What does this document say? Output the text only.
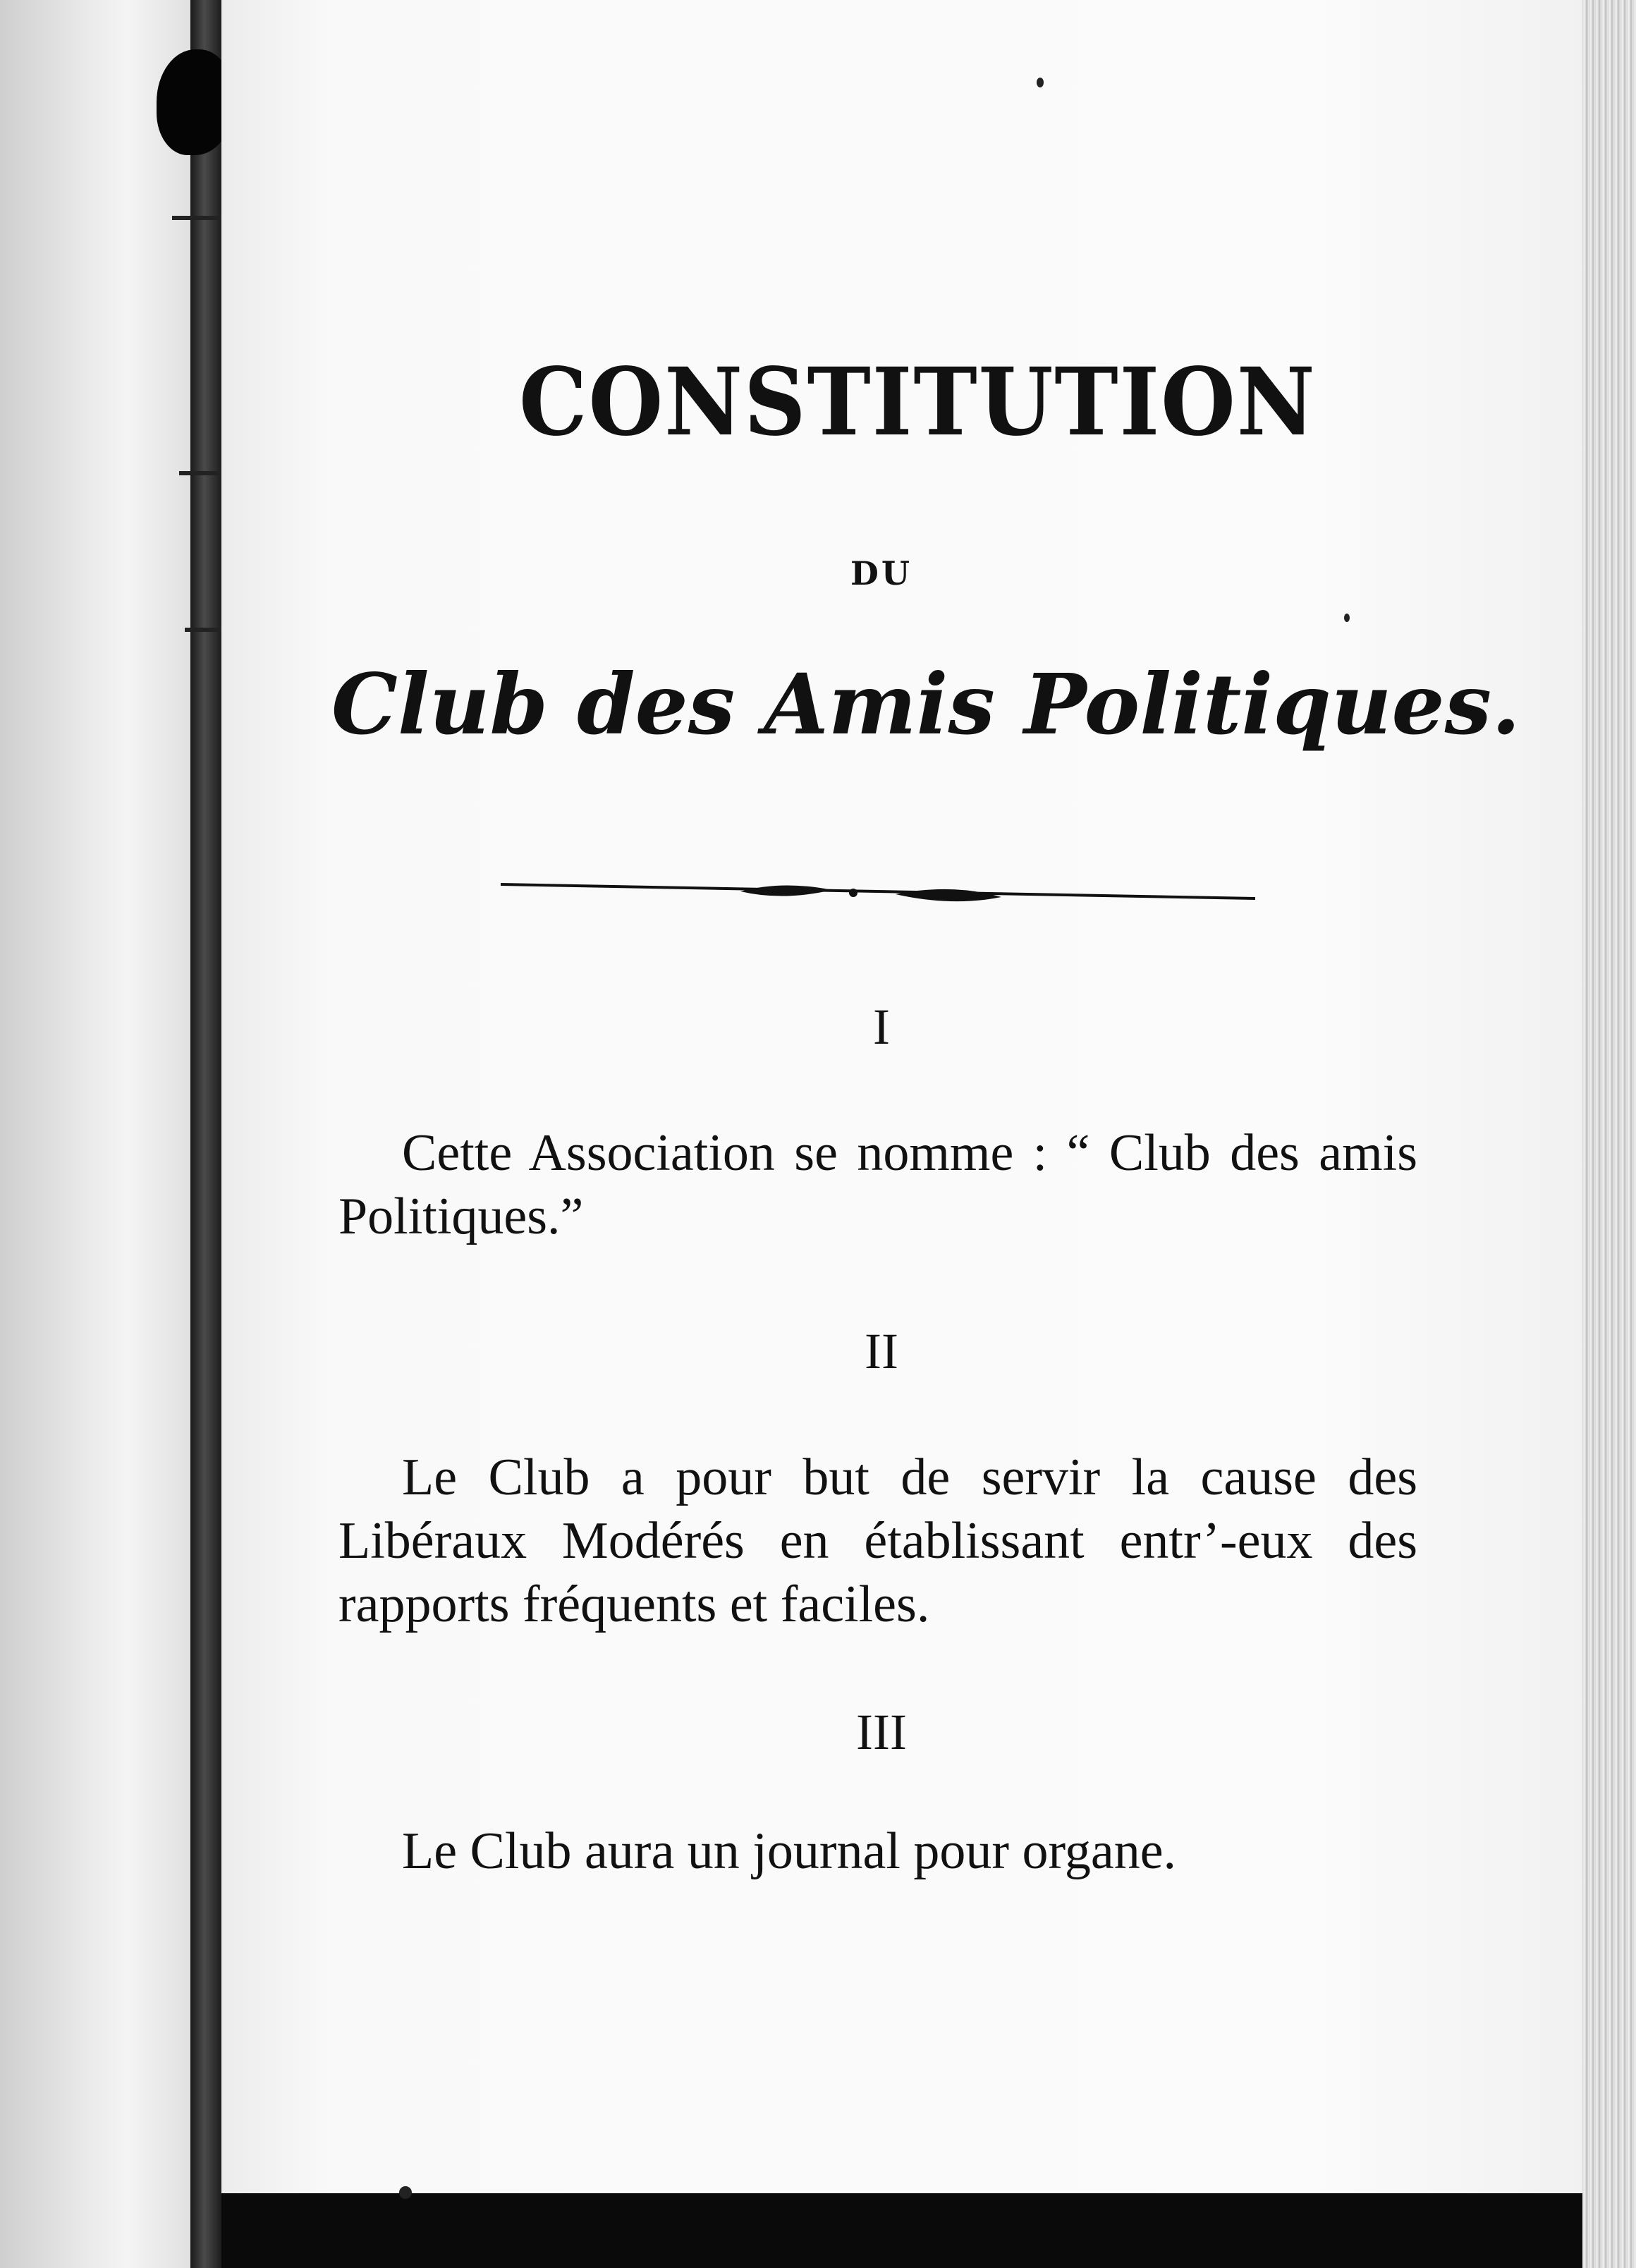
CONSTITUTION
DU
Club des Amis Politiques.
I
Cette Association se nomme : “ Club des amis Politiques.”
II
Le Club a pour but de servir la cause des Libéraux Modérés en établissant entr’-eux des rapports fréquents et faciles.
III
Le Club aura un journal pour organe.
